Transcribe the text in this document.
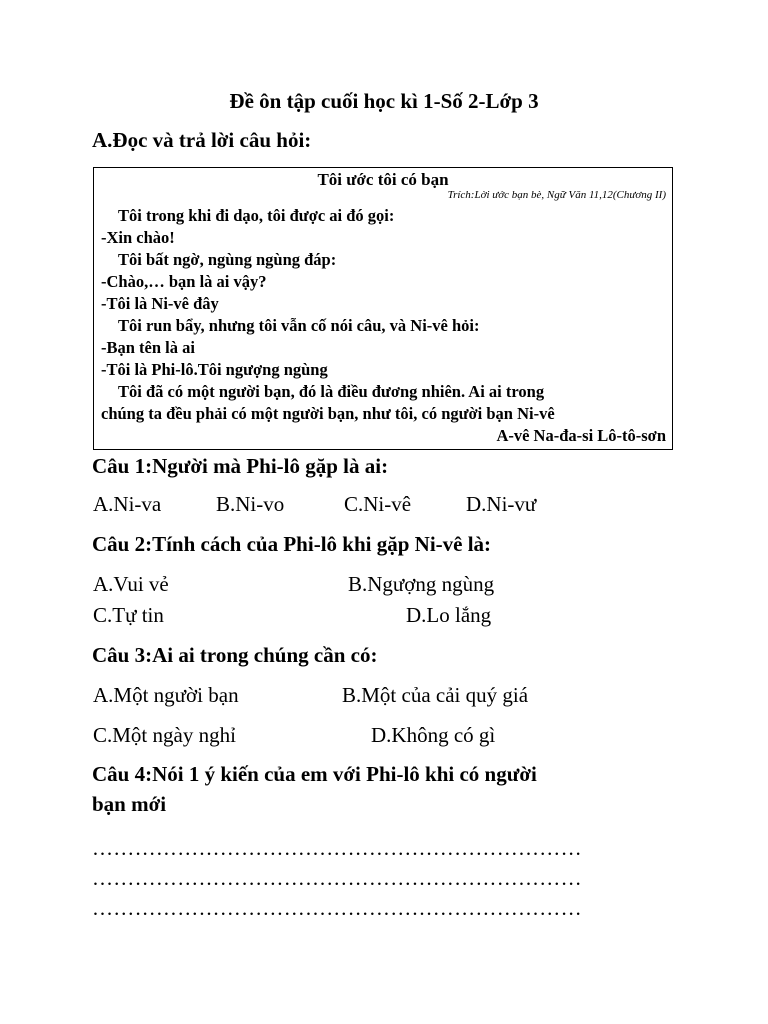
Đề ôn tập cuối học kì 1-Số 2-Lớp 3
A.Đọc và trả lời câu hỏi:
Tôi ước tôi có bạn
Trích:Lời ước bạn bè, Ngữ Văn 11,12(Chương II)
Tôi trong khi đi dạo, tôi được ai đó gọi:
-Xin chào!
Tôi bất ngờ, ngùng ngùng đáp:
-Chào,… bạn là ai vậy?
-Tôi là Ni-vê đây
Tôi run bẩy, nhưng tôi vẫn cố nói câu, và Ni-vê hỏi:
-Bạn tên là ai
-Tôi là Phi-lô.Tôi ngượng ngùng
Tôi đã có một người bạn, đó là điều đương nhiên. Ai ai trong
chúng ta đều phải có một người bạn, như tôi, có người bạn Ni-vê
A-vê Na-đa-si Lô-tô-sơn
Câu 1:Người mà Phi-lô gặp là ai:
A.Ni-va	B.Ni-vo	C.Ni-vê	D.Ni-vư
Câu 2:Tính cách của Phi-lô khi gặp Ni-vê là:
A.Vui vẻ	B.Ngượng ngùng
C.Tự tin	D.Lo lắng
Câu 3:Ai ai trong chúng cần có:
A.Một người bạn	B.Một của cải quý giá
C.Một ngày nghỉ	D.Không có gì
Câu 4:Nói 1 ý kiến của em với Phi-lô khi có người
bạn mới
……………………………………………………………
……………………………………………………………
……………………………………………………………
